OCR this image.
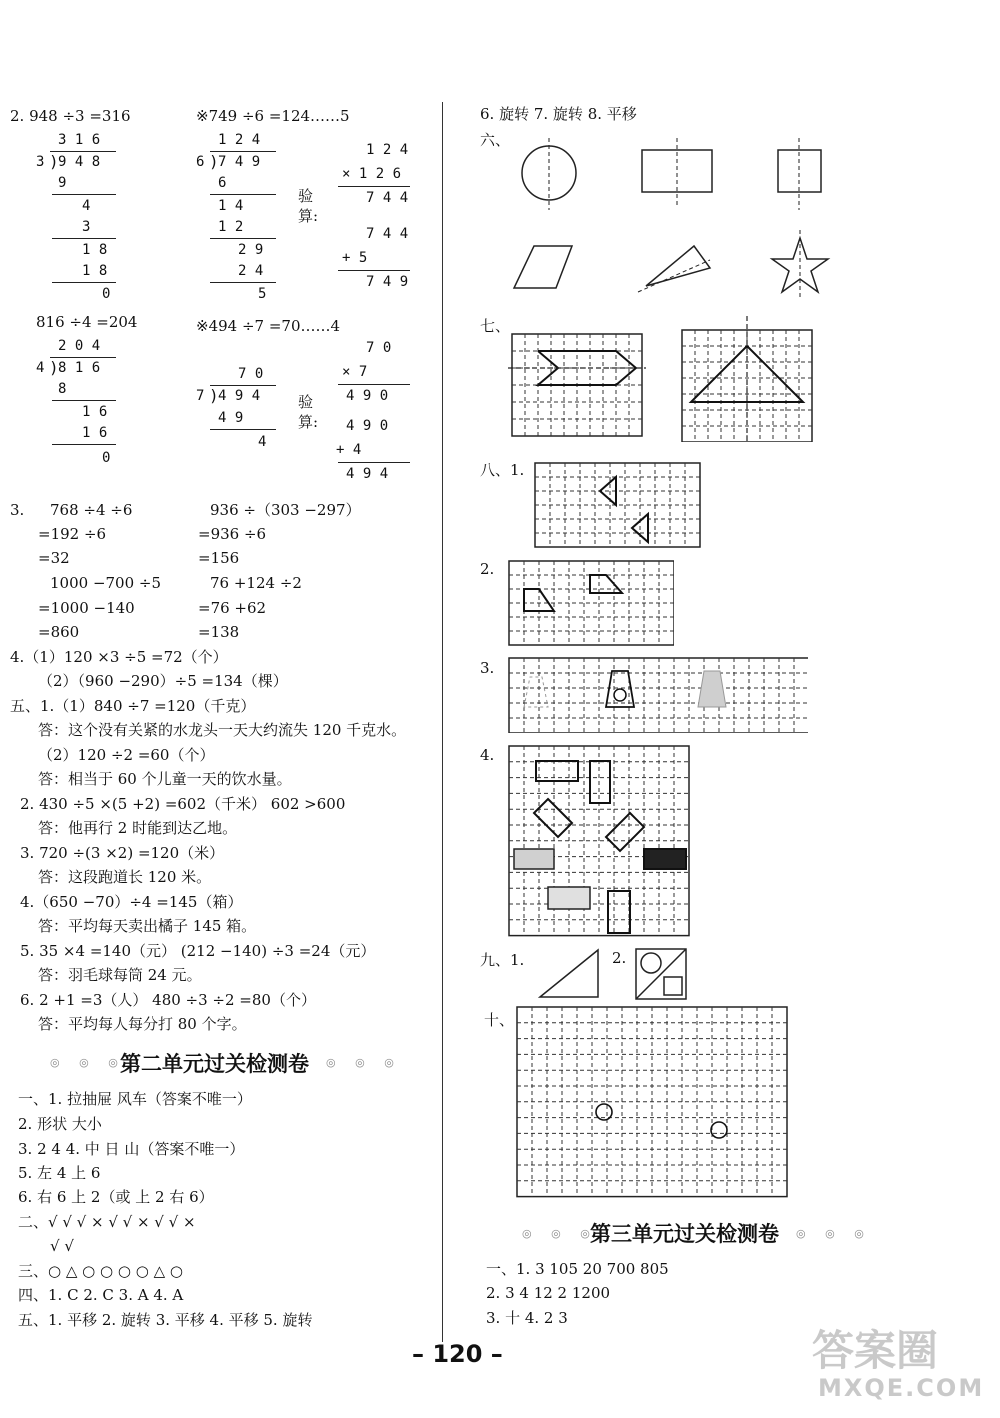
2. 948 ÷3 =316
3 1 6
3 ) 9 4 8
9
4
3
1 8
1 8
0
※749 ÷6 =124……5
1 2 4
6 ) 7 4 9
6
1 4
1 2
2 9
2 4
5
验
算:
1 2 4
× 1 2 6
7 4 4
7 4 4
+ 5
7 4 9
816 ÷4 =204
2 0 4
4 ) 8 1 6
8
1 6
1 6
0
※494 ÷7 =70……4
7 0
7 ) 4 9 4
4 9
4
验
算:
7 0
× 7
4 9 0
4 9 0
+ 4
4 9 4
3. 768 ÷4 ÷6
=192 ÷6
=32
936 ÷（303 −297）
=936 ÷6
=156
1000 −700 ÷5
=1000 −140
=860
76 +124 ÷2
=76 +62
=138
4.（1）120 ×3 ÷5 =72（个）
（2）（960 −290）÷5 =134（棵）
五、1.（1）840 ÷7 =120（千克）
答：这个没有关紧的水龙头一天大约流失 120 千克水。
（2）120 ÷2 =60（个）
答：相当于 60 个儿童一天的饮水量。
2. 430 ÷5 ×(5 +2) =602（千米） 602 >600
答：他再行 2 时能到达乙地。
3. 720 ÷(3 ×2) =120（米）
答：这段跑道长 120 米。
4.（650 −70）÷4 =145（箱）
答：平均每天卖出橘子 145 箱。
5. 35 ×4 =140（元） (212 −140) ÷3 =24（元）
答：羽毛球每筒 24 元。
6. 2 +1 =3（人） 480 ÷3 ÷2 =80（个）
答：平均每人每分打 80 个字。
◎ ◎ ◎
第二单元过关检测卷 ◎ ◎ ◎
一、1. 拉抽屉 风车（答案不唯一）
2. 形状 大小
3. 2 4 4. 中 日 山（答案不唯一）
5. 左 4 上 6
6. 右 6 上 2（或 上 2 右 6）
二、√ √ √ × √ √ × √ √ ×
√ √
三、○ △ ○ ○ ○ ○ △ ○
四、1. C 2. C 3. A 4. A
五、1. 平移 2. 旋转 3. 平移 4. 平移 5. 旋转
6. 旋转 7. 旋转 8. 平移
六、
七、
八、1.
2.
3.
4.
九、1.	2.
十、
◎ ◎ ◎
第三单元过关检测卷 ◎ ◎ ◎
一、1. 3 105 20 700 805
2. 3 4 12 2 1200
3. 十 4. 2 3
– 120 –	答案圈
MXQE.COM
